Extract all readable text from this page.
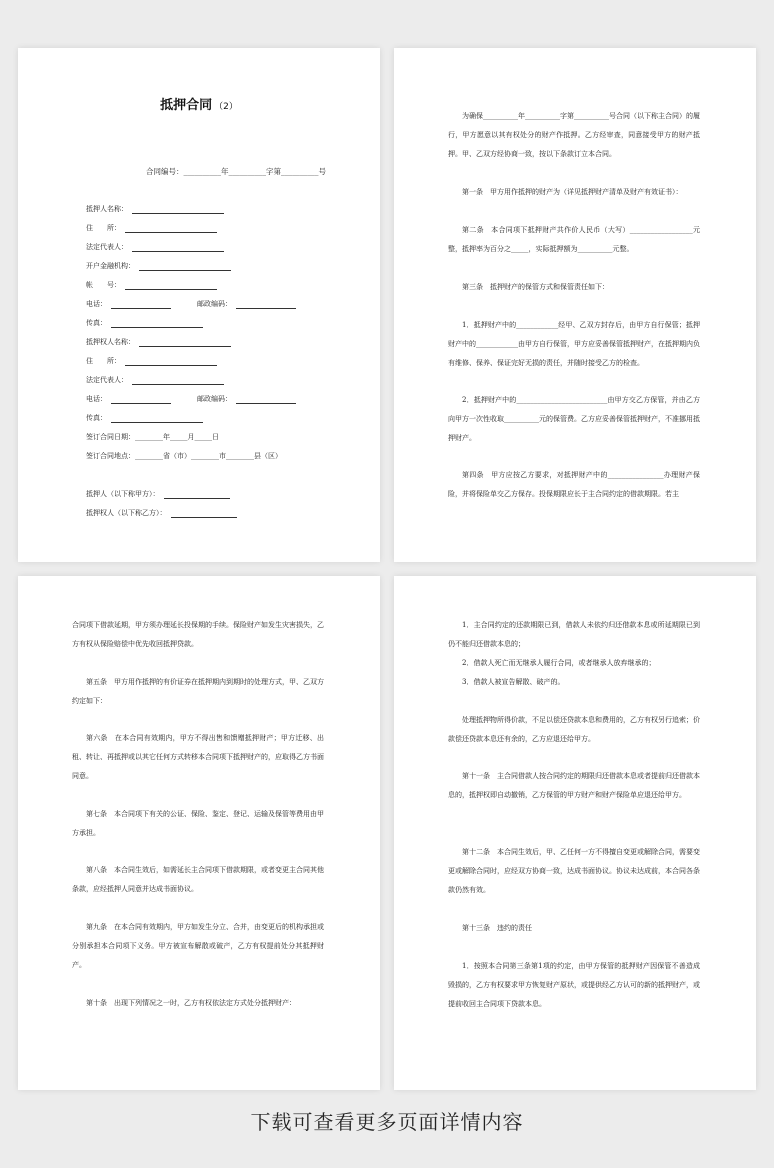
抵押合同 （2）
合同编号：__________年__________字第__________号
抵押人名称：
住　　所：
法定代表人：
开户金融机构：
帐　　号：
电话：	邮政编码：
传真：
抵押权人名称：
住　　所：
法定代表人：
电话：	邮政编码：
传真：
签订合同日期：________年_____月_____日
签订合同地点：________省（市）________市________县（区）
抵押人（以下称甲方）：
抵押权人（以下称乙方）：
为确保__________年__________字第__________号合同（以下称主合同）的履行，甲方愿意以其有权处分的财产作抵押。乙方经审查，同意接受甲方的财产抵押。甲、乙双方经协商一致，按以下条款订立本合同。
第一条　甲方用作抵押的财产为（详见抵押财产清单及财产有效证书）：
第二条　本合同项下抵押财产共作价人民币（大写）__________________元整，抵押率为百分之_____，实际抵押额为__________元整。
第三条　抵押财产的保管方式和保管责任如下：
1．抵押财产中的____________经甲、乙双方封存后，由甲方自行保管；抵押财产中的____________由甲方自行保管，甲方应妥善保管抵押财产，在抵押期内负有维修、保养、保证完好无损的责任，并随时接受乙方的检查。
2．抵押财产中的__________________________由甲方交乙方保管，并由乙方向甲方一次性收取__________元的保管费。乙方应妥善保管抵押财产，不准挪用抵押财产。
第四条　甲方应按乙方要求，对抵押财产中的________________办理财产保险，并将保险单交乙方保存。投保期限应长于主合同约定的借款期限。若主
合同项下借款延期，甲方须办理延长投保期的手续。保险财产如发生灾害损失，乙方有权从保险赔偿中优先收回抵押贷款。
第五条　甲方用作抵押的有价证券在抵押期内到期时的处理方式，甲、乙双方约定如下：
第六条　在本合同有效期内，甲方不得出售和馈赠抵押财产；甲方迁移、出租、转让、再抵押或以其它任何方式转移本合同项下抵押财产的，应取得乙方书面同意。
第七条　本合同项下有关的公证、保险、鉴定、登记、运输及保管等费用由甲方承担。
第八条　本合同生效后，如需延长主合同项下借款期限，或者变更主合同其他条款，应经抵押人同意并达成书面协议。
第九条　在本合同有效期内，甲方如发生分立、合并，由变更后的机构承担或分别承担本合同项下义务。甲方被宣布解散或破产，乙方有权提前处分其抵押财产。
第十条　出现下列情况之一时，乙方有权依法定方式处分抵押财产：
1．主合同约定的还款期限已到，借款人未依约归还借款本息或所延期限已到仍不能归还借款本息的；
2．借款人死亡而无继承人履行合同，或者继承人放弃继承的；
3．借款人被宣告解散、破产的。
处理抵押物所得价款，不足以偿还贷款本息和费用的，乙方有权另行追索；价款偿还贷款本息还有余的，乙方应退还给甲方。
第十一条　主合同借款人按合同约定的期限归还借款本息或者提前归还借款本息的，抵押权即自动撤销，乙方保管的甲方财产和财产保险单应退还给甲方。
第十二条　本合同生效后，甲、乙任何一方不得擅自变更或解除合同，需要变更或解除合同时，应经双方协商一致，达成书面协议。协议未达成前，本合同各条款仍然有效。
第十三条　违约的责任
1．按照本合同第三条第1项的约定，由甲方保管的抵押财产因保管不善造成毁损的，乙方有权要求甲方恢复财产原状，或提供经乙方认可的新的抵押财产，或提前收回主合同项下贷款本息。
下载可查看更多页面详情内容
